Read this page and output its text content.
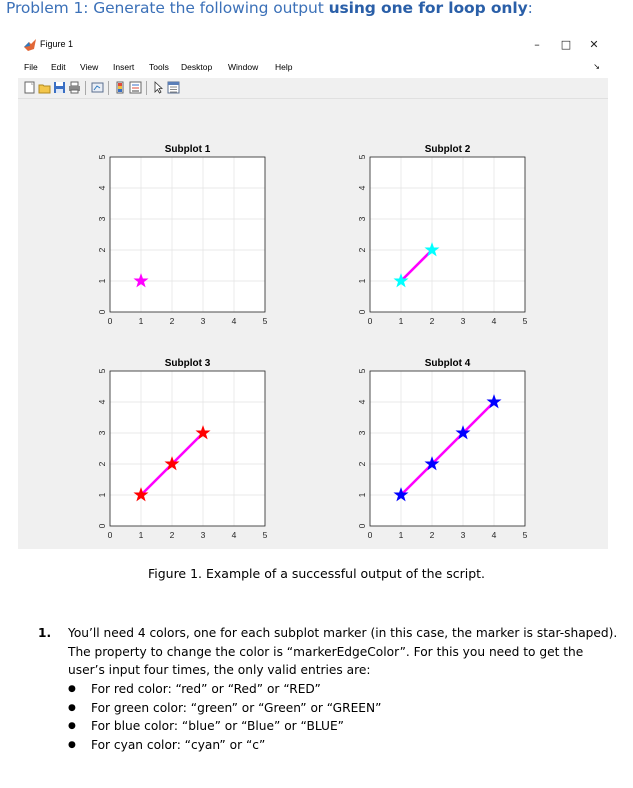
Problem 1: Generate the following output using one for loop only:
Figure 1	–	□	✕
File Edit View Insert Tools Desktop Window Help	↘
0	1	2	3	4	5
0
1
2
3
4
5
Subplot 1
0	1	2	3	4	5
0
1
2
3
4
5
Subplot 2
0	1	2	3	4	5
0
1
2
3
4
5
Subplot 3
0	1	2	3	4	5
0
1
2
3
4
5
Subplot 4
Figure 1. Example of a successful output of the script.
1. You’ll need 4 colors, one for each subplot marker (in this case, the marker is star-shaped). The property to change the color is “markerEdgeColor”. For this you need to get the user’s input four times, the only valid entries are:
● For red color: “red” or “Red” or “RED”
● For green color: “green” or “Green” or “GREEN”
● For blue color: “blue” or “Blue” or “BLUE”
● For cyan color: “cyan” or “c”
